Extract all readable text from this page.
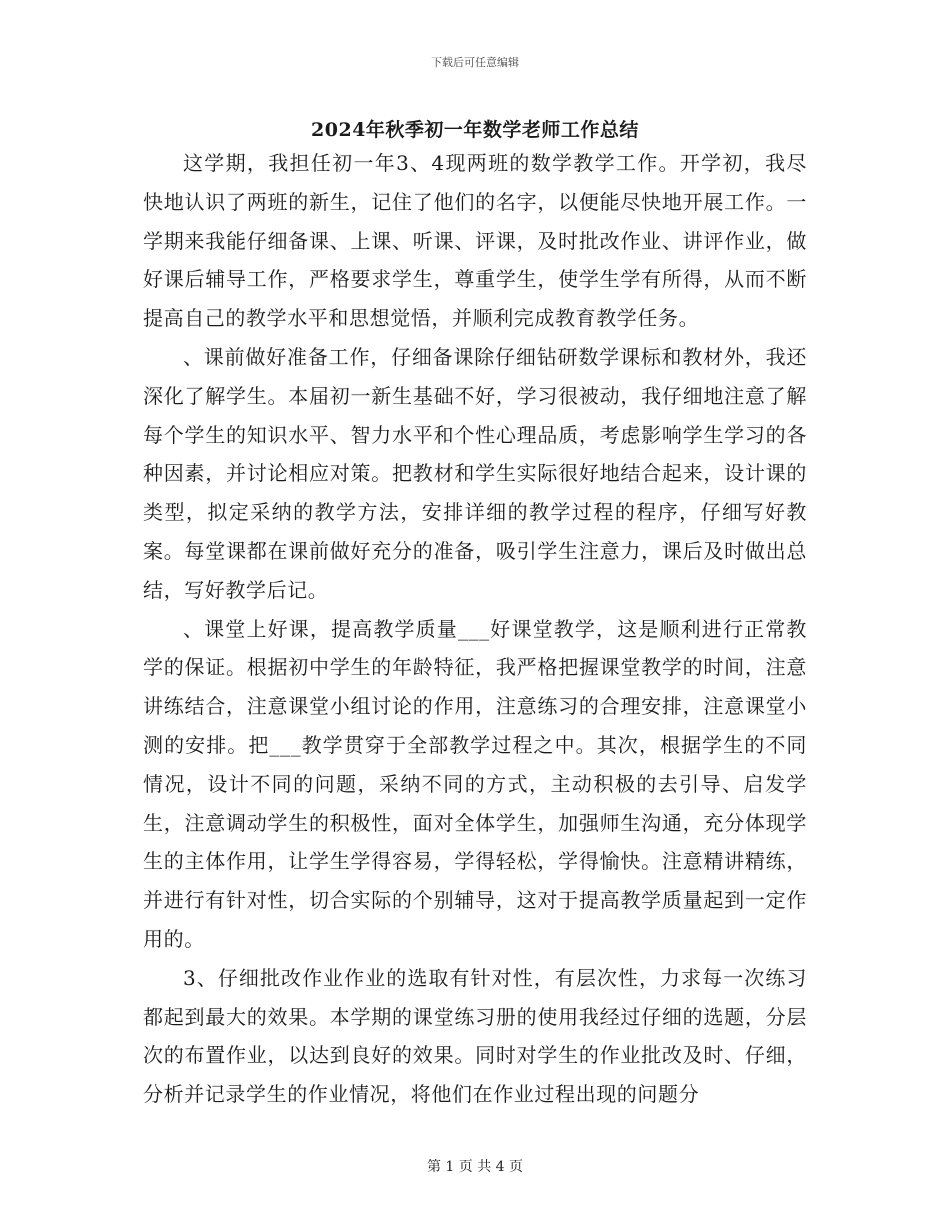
下载后可任意编辑
2024年秋季初一年数学老师工作总结

这学期，我担任初一年3、4现两班的数学教学工作。开学初，我尽快地认识了两班的新生，记住了他们的名字，以便能尽快地开展工作。一学期来我能仔细备课、上课、听课、评课，及时批改作业、讲评作业，做好课后辅导工作，严格要求学生，尊重学生，使学生学有所得，从而不断提高自己的教学水平和思想觉悟，并顺利完成教育教学任务。

、课前做好准备工作，仔细备课除仔细钻研数学课标和教材外，我还深化了解学生。本届初一新生基础不好，学习很被动，我仔细地注意了解每个学生的知识水平、智力水平和个性心理品质，考虑影响学生学习的各种因素，并讨论相应对策。把教材和学生实际很好地结合起来，设计课的类型，拟定采纳的教学方法，安排详细的教学过程的程序，仔细写好教案。每堂课都在课前做好充分的准备，吸引学生注意力，课后及时做出总结，写好教学后记。

、课堂上好课，提高教学质量___好课堂教学，这是顺利进行正常教学的保证。根据初中学生的年龄特征，我严格把握课堂教学的时间，注意讲练结合，注意课堂小组讨论的作用，注意练习的合理安排，注意课堂小测的安排。把___教学贯穿于全部教学过程之中。其次，根据学生的不同情况，设计不同的问题，采纳不同的方式，主动积极的去引导、启发学生，注意调动学生的积极性，面对全体学生，加强师生沟通，充分体现学生的主体作用，让学生学得容易，学得轻松，学得愉快。注意精讲精练，并进行有针对性，切合实际的个别辅导，这对于提高教学质量起到一定作用的。

3、仔细批改作业作业的选取有针对性，有层次性，力求每一次练习都起到最大的效果。本学期的课堂练习册的使用我经过仔细的选题，分层次的布置作业，以达到良好的效果。同时对学生的作业批改及时、仔细，分析并记录学生的作业情况，将他们在作业过程出现的问题分

第 1 页 共 4 页
